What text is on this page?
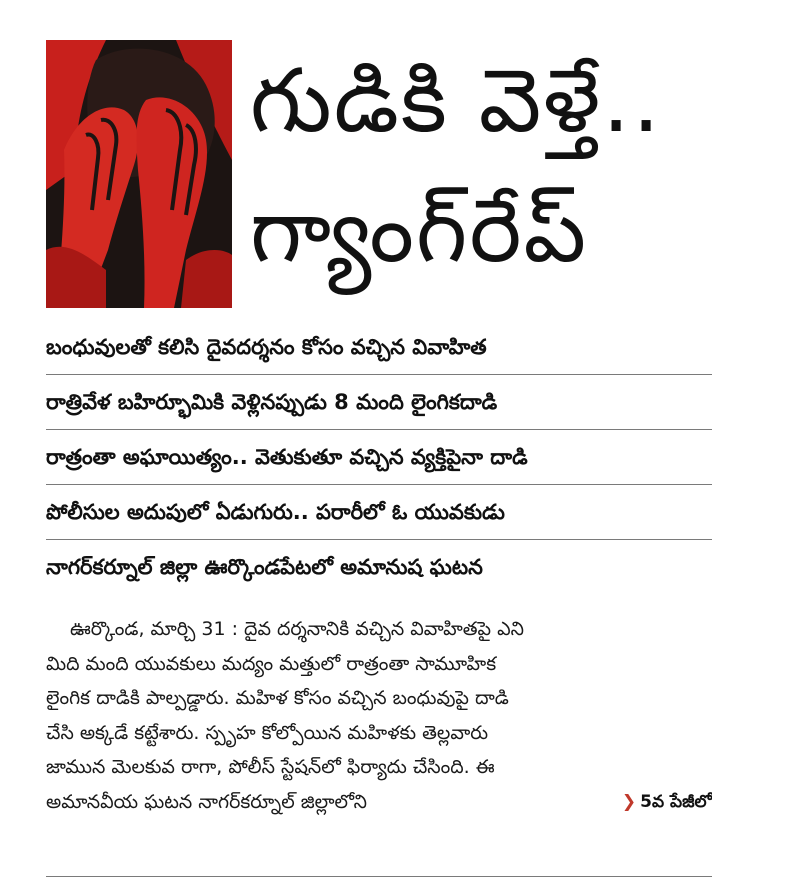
గుడికి వెళ్తే..
గ్యాంగ్‌రేప్
బంధువులతో కలిసి దైవదర్శనం కోసం వచ్చిన వివాహిత
రాత్రివేళ బహిర్భూమికి వెళ్లినప్పుడు 8 మంది లైంగికదాడి
రాత్రంతా అఘాయిత్యం.. వెతుకుతూ వచ్చిన వ్యక్తిపైనా దాడి
పోలీసుల అదుపులో ఏడుగురు.. పరారీలో ఓ యువకుడు
నాగర్‌కర్నూల్ జిల్లా ఊర్కొండపేటలో అమానుష ఘటన
ఊర్కొండ, మార్చి 31 : దైవ దర్శనానికి వచ్చిన వివాహితపై ఎని
మిది మంది యువకులు మద్యం మత్తులో రాత్రంతా సామూహిక
లైంగిక దాడికి పాల్పడ్డారు. మహిళ కోసం వచ్చిన బంధువుపై దాడి
చేసి అక్కడే కట్టేశారు. స్పృహ కోల్పోయిన మహిళకు తెల్లవారు
జామున మెలకువ రాగా, పోలీస్ స్టేషన్‌లో ఫిర్యాదు చేసింది. ఈ
అమానవీయ ఘటన నాగర్‌కర్నూల్ జిల్లాలోని	❯ 5వ పేజీలో
